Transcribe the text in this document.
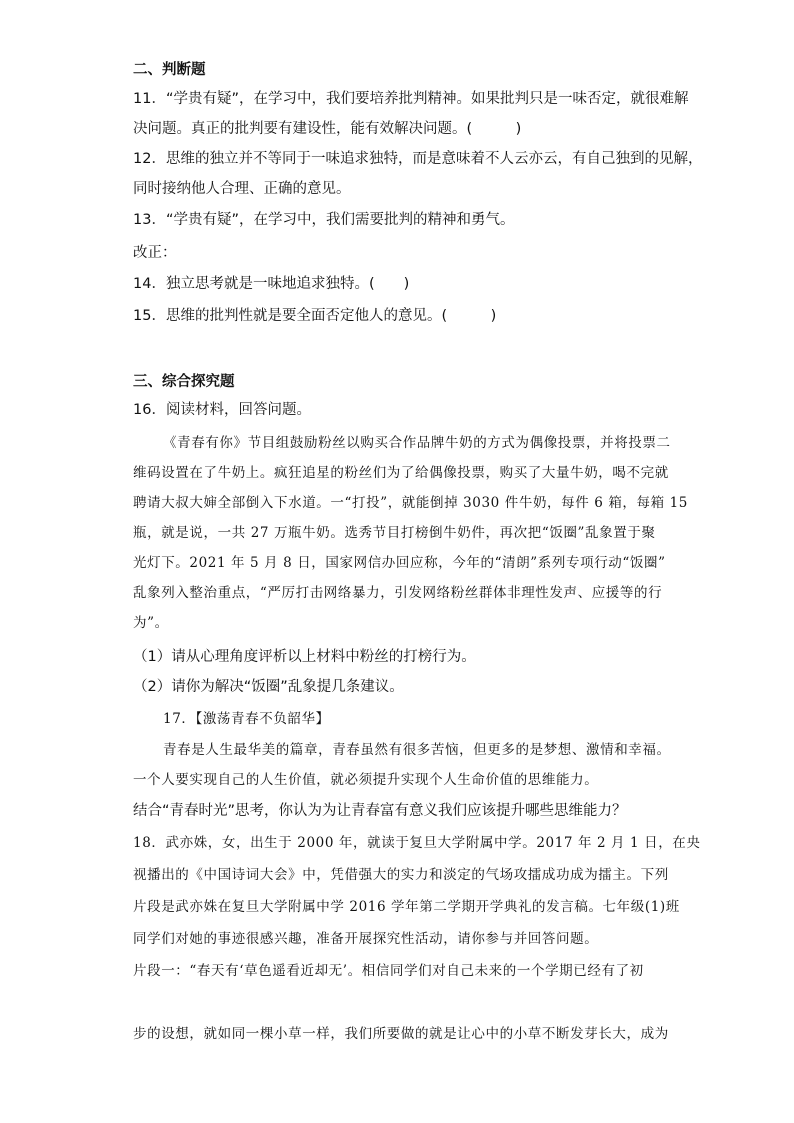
二、判断题
11．“学贵有疑”，在学习中，我们要培养批判精神。如果批判只是一味否定，就很难解
决问题。真正的批判要有建设性，能有效解决问题。(　　　)
12．思维的独立并不等同于一味追求独特，而是意味着不人云亦云，有自己独到的见解，
同时接纳他人合理、正确的意见。
13．“学贵有疑”，在学习中，我们需要批判的精神和勇气。
改正：
14．独立思考就是一味地追求独特。(　　)
15．思维的批判性就是要全面否定他人的意见。(　　　)
三、综合探究题
16．阅读材料，回答问题。
《青春有你》节目组鼓励粉丝以购买合作品牌牛奶的方式为偶像投票，并将投票二
维码设置在了牛奶上。疯狂追星的粉丝们为了给偶像投票，购买了大量牛奶，喝不完就
聘请大叔大婶全部倒入下水道。一“打投”，就能倒掉 3030 件牛奶，每件 6 箱，每箱 15
瓶，就是说，一共 27 万瓶牛奶。选秀节目打榜倒牛奶件，再次把“饭圈”乱象置于聚
光灯下。2021 年 5 月 8 日，国家网信办回应称，今年的“清朗”系列专项行动“饭圈”
乱象列入整治重点，“严厉打击网络暴力，引发网络粉丝群体非理性发声、应援等的行
为”。
（1）请从心理角度评析以上材料中粉丝的打榜行为。
（2）请你为解决“饭圈”乱象提几条建议。
17．【激荡青春不负韶华】
青春是人生最华美的篇章，青春虽然有很多苦恼，但更多的是梦想、激情和幸福。
一个人要实现自己的人生价值，就必须提升实现个人生命价值的思维能力。
结合“青春时光”思考，你认为为让青春富有意义我们应该提升哪些思维能力？
18．武亦姝，女，出生于 2000 年，就读于复旦大学附属中学。2017 年 2 月 1 日，在央
视播出的《中国诗词大会》中，凭借强大的实力和淡定的气场攻擂成功成为擂主。下列
片段是武亦姝在复旦大学附属中学 2016 学年第二学期开学典礼的发言稿。七年级(1)班
同学们对她的事迹很感兴趣，准备开展探究性活动，请你参与并回答问题。
片段一：“春天有‘草色遥看近却无’。相信同学们对自己未来的一个学期已经有了初
步的设想，就如同一棵小草一样，我们所要做的就是让心中的小草不断发芽长大，成为
